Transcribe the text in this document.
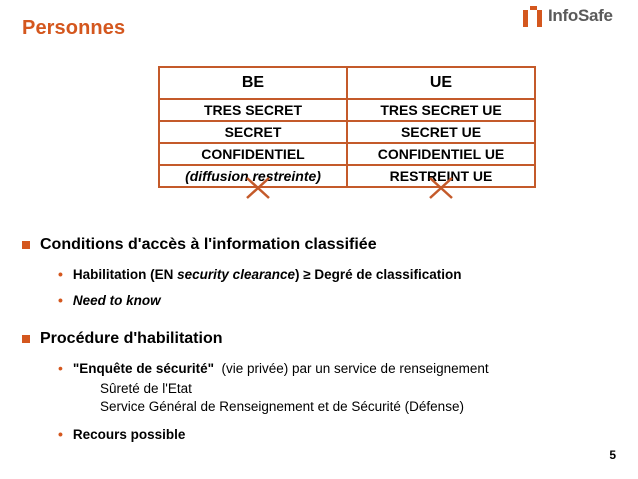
Personnes
InfoSafe
BE	UE
TRES SECRET	TRES SECRET UE
SECRET	SECRET UE
CONFIDENTIEL	CONFIDENTIEL UE
(diffusion restreinte)	RESTREINT UE
Conditions d'accès à l'information classifiée
• Habilitation (EN security clearance) ≥ Degré de classification
• Need to know
Procédure d'habilitation
• "Enquête de sécurité"  (vie privée) par un service de renseignement
Sûreté de l'Etat
Service Général de Renseignement et de Sécurité (Défense)
• Recours possible
5
